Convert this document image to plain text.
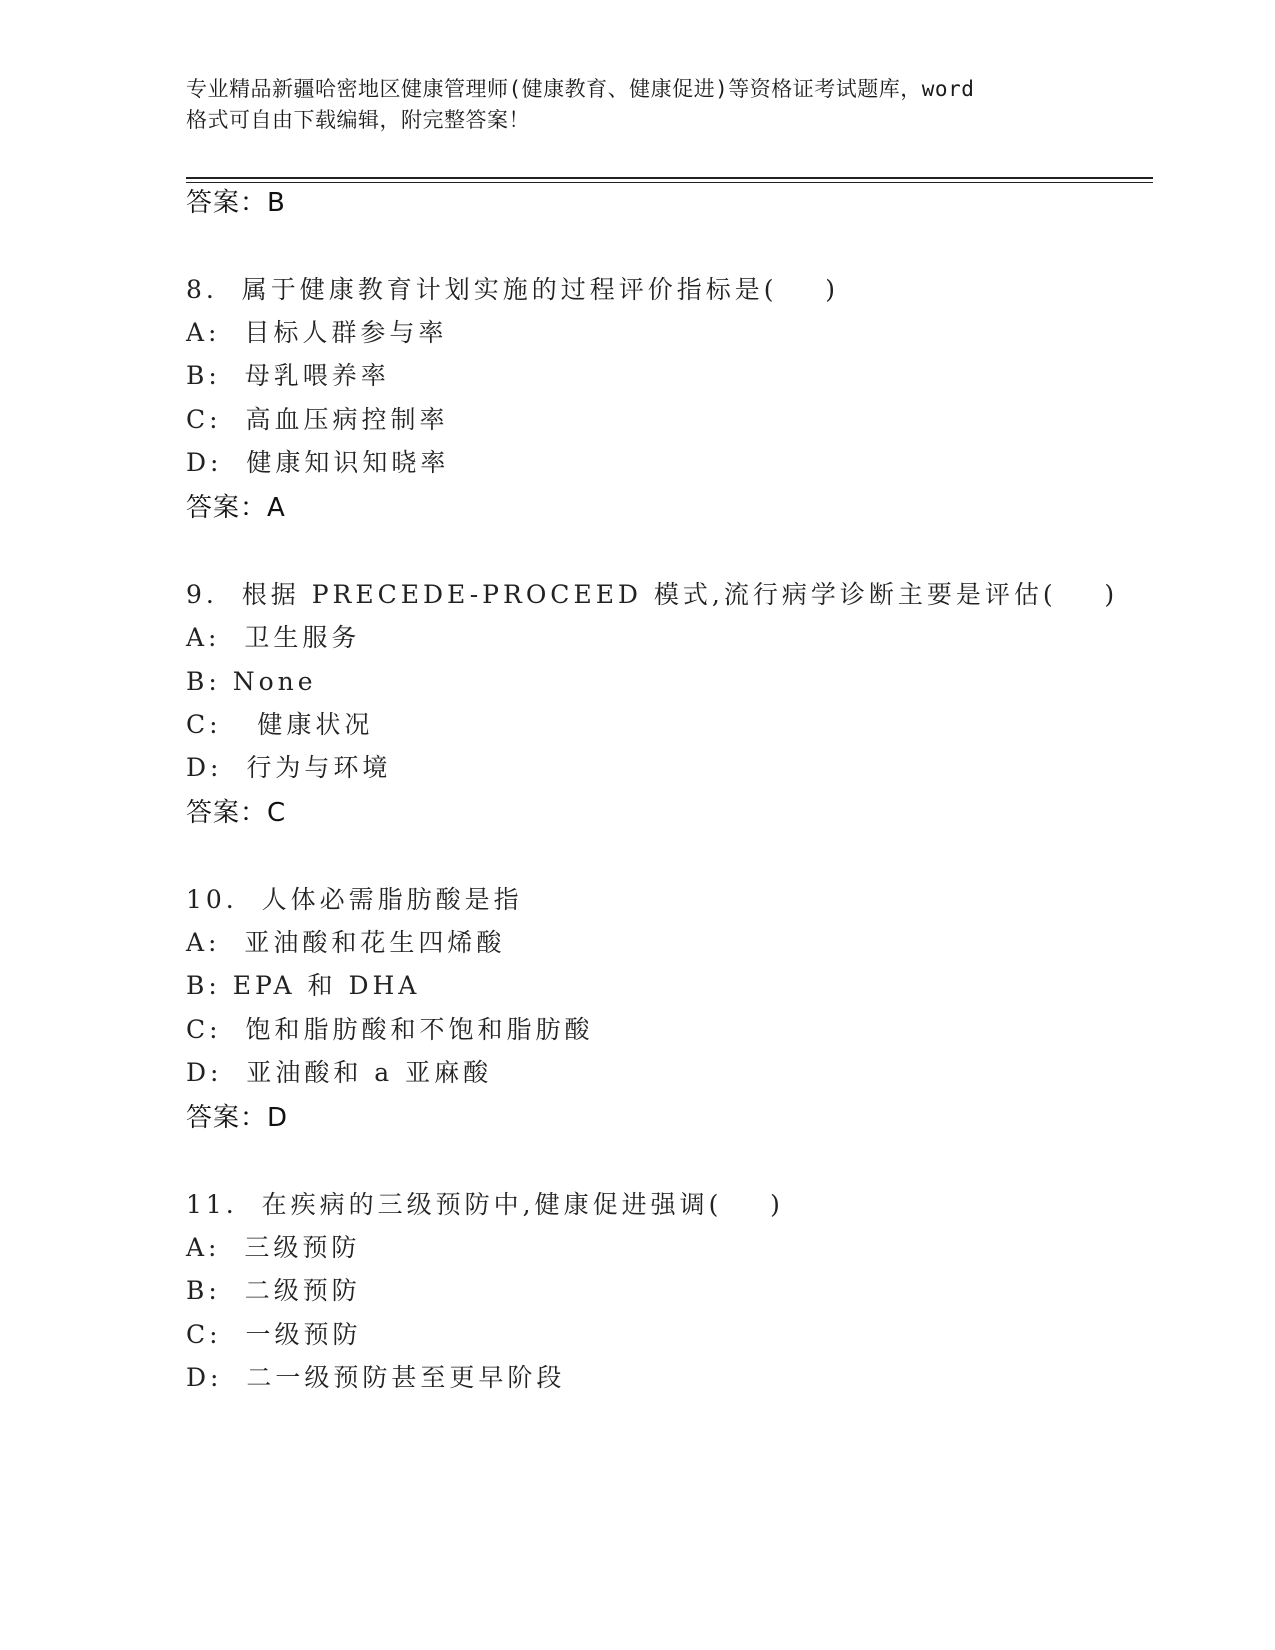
专业精品新疆哈密地区健康管理师(健康教育、健康促进)等资格证考试题库，word
格式可自由下载编辑，附完整答案！
答案：B
8.  属于健康教育计划实施的过程评价指标是(    )
A:  目标人群参与率
B:  母乳喂养率
C:  高血压病控制率
D:  健康知识知晓率
答案：A
9.  根据 PRECEDE-PROCEED 模式,流行病学诊断主要是评估(    )
A:  卫生服务
B: None
C:   健康状况
D:  行为与环境
答案：C
10.  人体必需脂肪酸是指
A:  亚油酸和花生四烯酸
B: EPA 和 DHA
C:  饱和脂肪酸和不饱和脂肪酸
D:  亚油酸和 a 亚麻酸
答案：D
11.  在疾病的三级预防中,健康促进强调(    )
A:  三级预防
B:  二级预防
C:  一级预防
D:  二一级预防甚至更早阶段
